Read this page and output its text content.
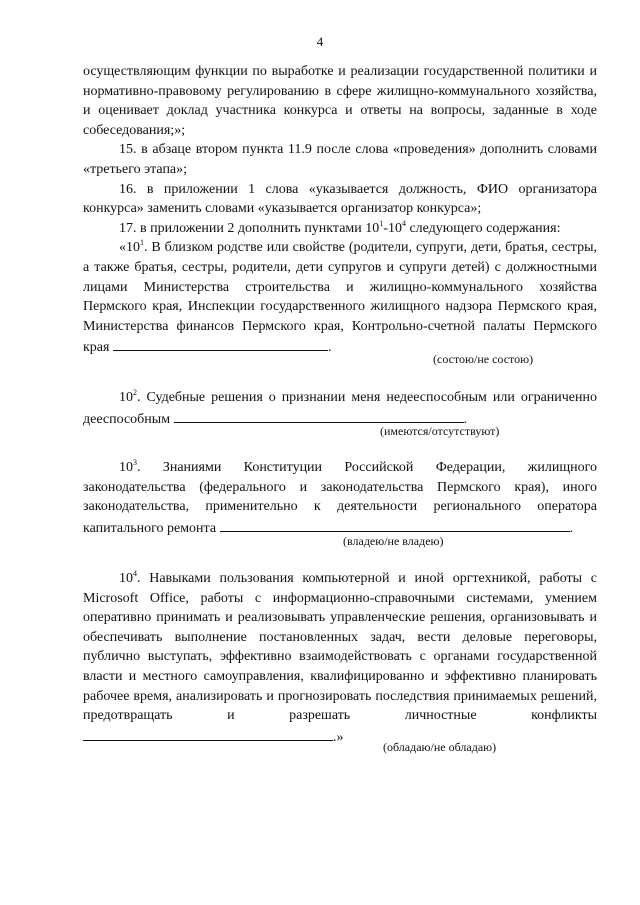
4

осуществляющим функции по выработке и реализации государственной политики и нормативно-правовому регулированию в сфере жилищно-коммунального хозяйства, и оценивает доклад участника конкурса и ответы на вопросы, заданные в ходе собеседования;»;

15. в абзаце втором пункта 11.9 после слова «проведения» дополнить словами «третьего этапа»;

16. в приложении 1 слова «указывается должность, ФИО организатора конкурса» заменить словами «указывается организатор конкурса»;

17. в приложении 2 дополнить пунктами $10^1-10^4$ следующего содержания:

«$10^1$. В близком родстве или свойстве (родители, супруги, дети, братья, сестры, а также братья, сестры, родители, дети супругов и супруги детей) с должностными лицами Министерства строительства и жилищно-коммунального хозяйства Пермского края, Инспекции государственного жилищного надзора Пермского края, Министерства финансов Пермского края, Контрольно-счетной палаты Пермского края	.

(состою/не состою)

$10^2$. Судебные решения о признании меня недееспособным или ограниченно дееспособным	.

(имеются/отсутствуют)

$10^3$. Знаниями Конституции Российской Федерации, жилищного законодательства (федерального и законодательства Пермского края), иного законодательства, применительно к деятельности регионального оператора капитального ремонта	.

(владею/не владею)

$10^4$. Навыками пользования компьютерной и иной оргтехникой, работы с Microsoft Office, работы с информационно-справочными системами, умением оперативно принимать и реализовывать управленческие решения, организовывать и обеспечивать выполнение постановленных задач, вести деловые переговоры, публично выступать, эффективно взаимодействовать с органами государственной власти и местного самоуправления, квалифицированно и эффективно планировать рабочее время, анализировать и прогнозировать последствия принимаемых решений, предотвращать и разрешать личностные конфликты .»

(обладаю/не обладаю)
